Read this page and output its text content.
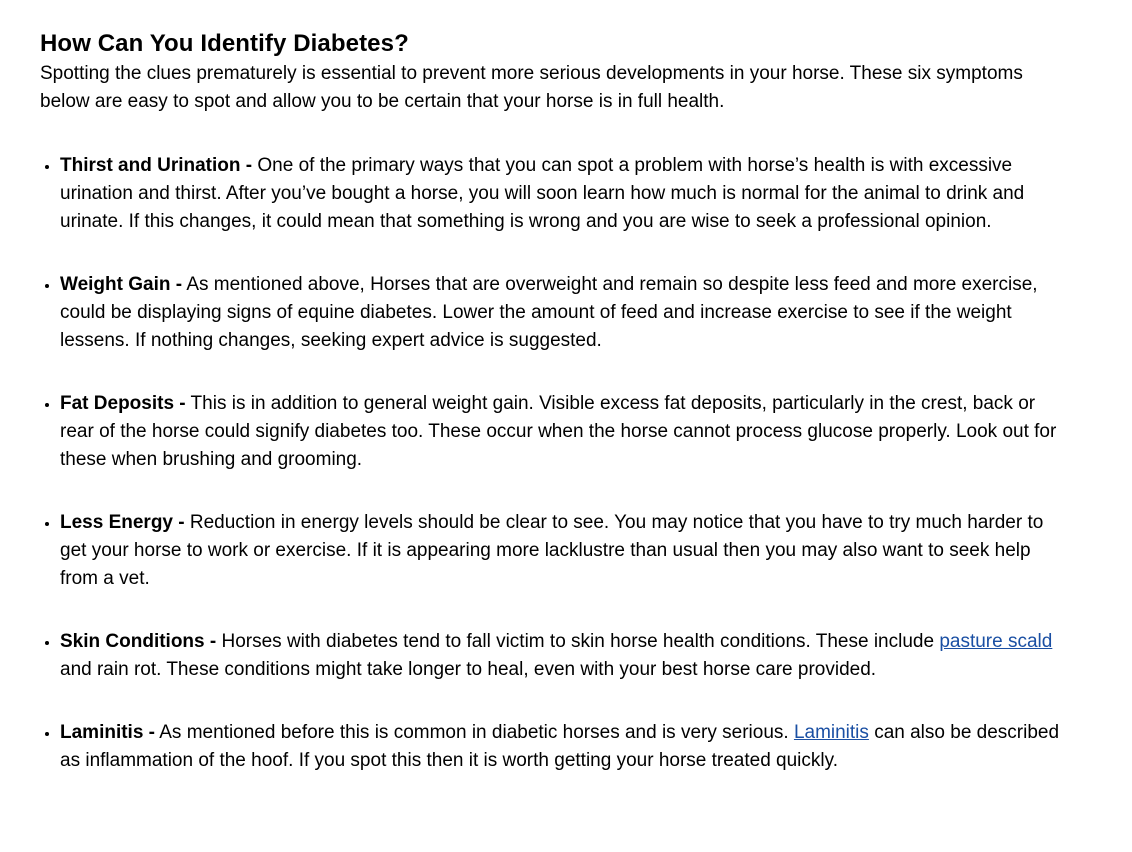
How Can You Identify Diabetes?

Spotting the clues prematurely is essential to prevent more serious developments in your horse. These six symptoms below are easy to spot and allow you to be certain that your horse is in full health.

• Thirst and Urination - One of the primary ways that you can spot a problem with horse’s health is with excessive urination and thirst. After you’ve bought a horse, you will soon learn how much is normal for the animal to drink and urinate. If this changes, it could mean that something is wrong and you are wise to seek a professional opinion.
• Weight Gain - As mentioned above, Horses that are overweight and remain so despite less feed and more exercise, could be displaying signs of equine diabetes. Lower the amount of feed and increase exercise to see if the weight lessens. If nothing changes, seeking expert advice is suggested.
• Fat Deposits - This is in addition to general weight gain. Visible excess fat deposits, particularly in the crest, back or rear of the horse could signify diabetes too. These occur when the horse cannot process glucose properly. Look out for these when brushing and grooming.
• Less Energy - Reduction in energy levels should be clear to see. You may notice that you have to try much harder to get your horse to work or exercise. If it is appearing more lacklustre than usual then you may also want to seek help from a vet.
• Skin Conditions - Horses with diabetes tend to fall victim to skin horse health conditions. These include pasture scald and rain rot. These conditions might take longer to heal, even with your best horse care provided.
• Laminitis - As mentioned before this is common in diabetic horses and is very serious. Laminitis can also be described as inflammation of the hoof. If you spot this then it is worth getting your horse treated quickly.
